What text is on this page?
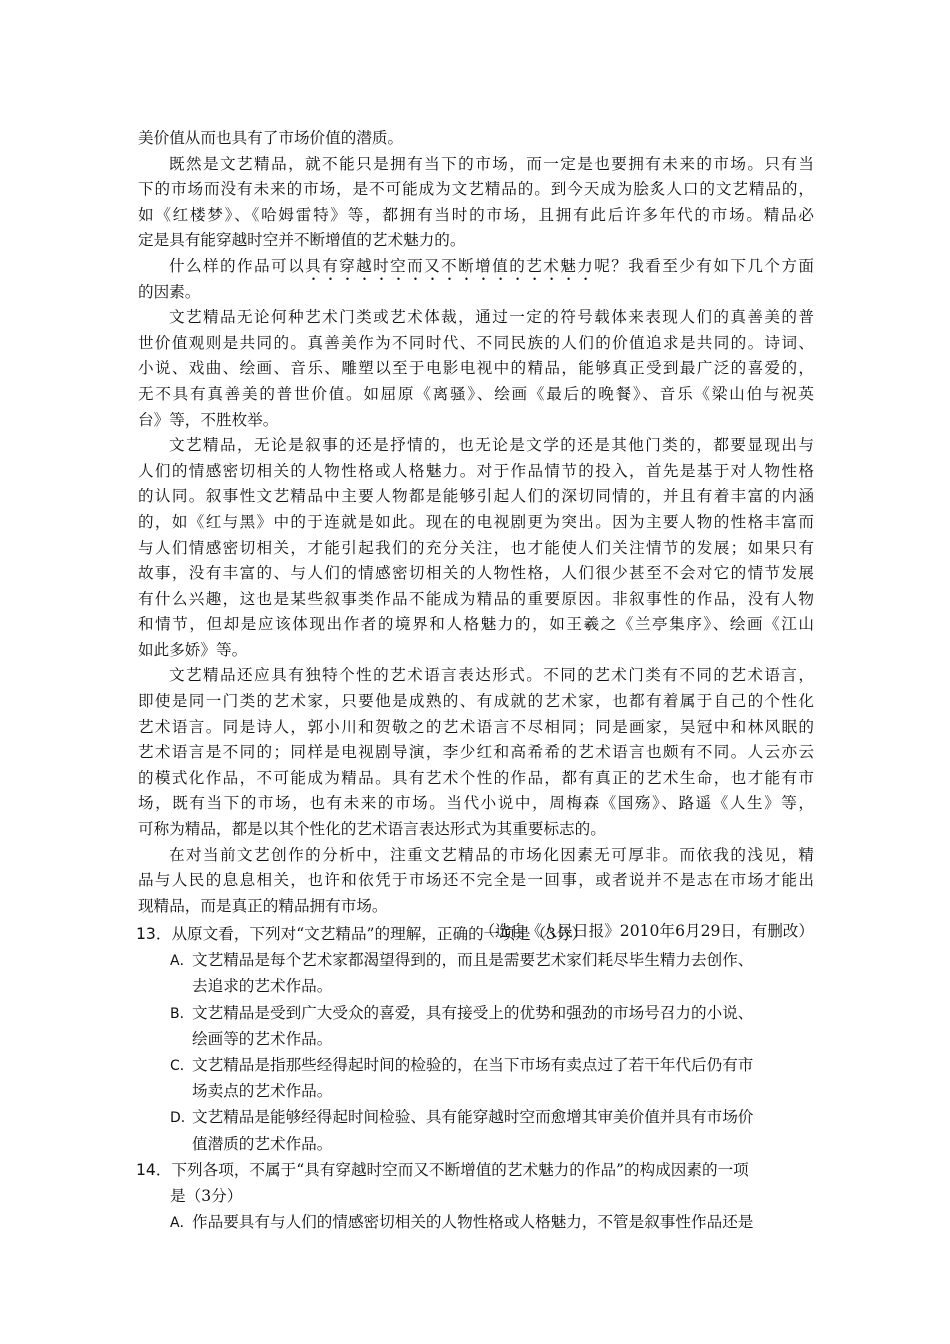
美价值从而也具有了市场价值的潜质。
既然是文艺精品，就不能只是拥有当下的市场，而一定是也要拥有未来的市场。只有当
下的市场而没有未来的市场，是不可能成为文艺精品的。到今天成为脍炙人口的文艺精品的，
如《红楼梦》、《哈姆雷特》等，都拥有当时的市场，且拥有此后许多年代的市场。精品必
定是具有能穿越时空并不断增值的艺术魅力的。
什么样的作品可以具有穿越时空而又不断增值的艺术魅力呢？我看至少有如下几个方面
的因素。
文艺精品无论何种艺术门类或艺术体裁，通过一定的符号载体来表现人们的真善美的普
世价值观则是共同的。真善美作为不同时代、不同民族的人们的价值追求是共同的。诗词、
小说、戏曲、绘画、音乐、雕塑以至于电影电视中的精品，能够真正受到最广泛的喜爱的，
无不具有真善美的普世价值。如屈原《离骚》、绘画《最后的晚餐》、音乐《梁山伯与祝英
台》等，不胜枚举。
文艺精品，无论是叙事的还是抒情的，也无论是文学的还是其他门类的，都要显现出与
人们的情感密切相关的人物性格或人格魅力。对于作品情节的投入，首先是基于对人物性格
的认同。叙事性文艺精品中主要人物都是能够引起人们的深切同情的，并且有着丰富的内涵
的，如《红与黑》中的于连就是如此。现在的电视剧更为突出。因为主要人物的性格丰富而
与人们情感密切相关，才能引起我们的充分关注，也才能使人们关注情节的发展；如果只有
故事，没有丰富的、与人们的情感密切相关的人物性格，人们很少甚至不会对它的情节发展
有什么兴趣，这也是某些叙事类作品不能成为精品的重要原因。非叙事性的作品，没有人物
和情节，但却是应该体现出作者的境界和人格魅力的，如王羲之《兰亭集序》、绘画《江山
如此多娇》等。
文艺精品还应具有独特个性的艺术语言表达形式。不同的艺术门类有不同的艺术语言，
即使是同一门类的艺术家，只要他是成熟的、有成就的艺术家，也都有着属于自己的个性化
艺术语言。同是诗人，郭小川和贺敬之的艺术语言不尽相同；同是画家，吴冠中和林风眠的
艺术语言是不同的；同样是电视剧导演，李少红和高希希的艺术语言也颇有不同。人云亦云
的模式化作品，不可能成为精品。具有艺术个性的作品，都有真正的艺术生命，也才能有市
场，既有当下的市场，也有未来的市场。当代小说中，周梅森《国殇》、路遥《人生》等，
可称为精品，都是以其个性化的艺术语言表达形式为其重要标志的。
在对当前文艺创作的分析中，注重文艺精品的市场化因素无可厚非。而依我的浅见，精
品与人民的息息相关，也许和依凭于市场还不完全是一回事，或者说并不是志在市场才能出
现精品，而是真正的精品拥有市场。
（选自《人民日报》2010年6月29日，有删改）
13．从原文看，下列对“文艺精品”的理解，正确的一项是（3分）
A．文艺精品是每个艺术家都渴望得到的，而且是需要艺术家们耗尽毕生精力去创作、
去追求的艺术作品。
B．文艺精品是受到广大受众的喜爱，具有接受上的优势和强劲的市场号召力的小说、
绘画等的艺术作品。
C．文艺精品是指那些经得起时间的检验的，在当下市场有卖点过了若干年代后仍有市
场卖点的艺术作品。
D．文艺精品是能够经得起时间检验、具有能穿越时空而愈增其审美价值并具有市场价
值潜质的艺术作品。
14．下列各项，不属于“具有穿越时空而又不断增值的艺术魅力的作品”的构成因素的一项
是（3分）
A．作品要具有与人们的情感密切相关的人物性格或人格魅力，不管是叙事性作品还是
